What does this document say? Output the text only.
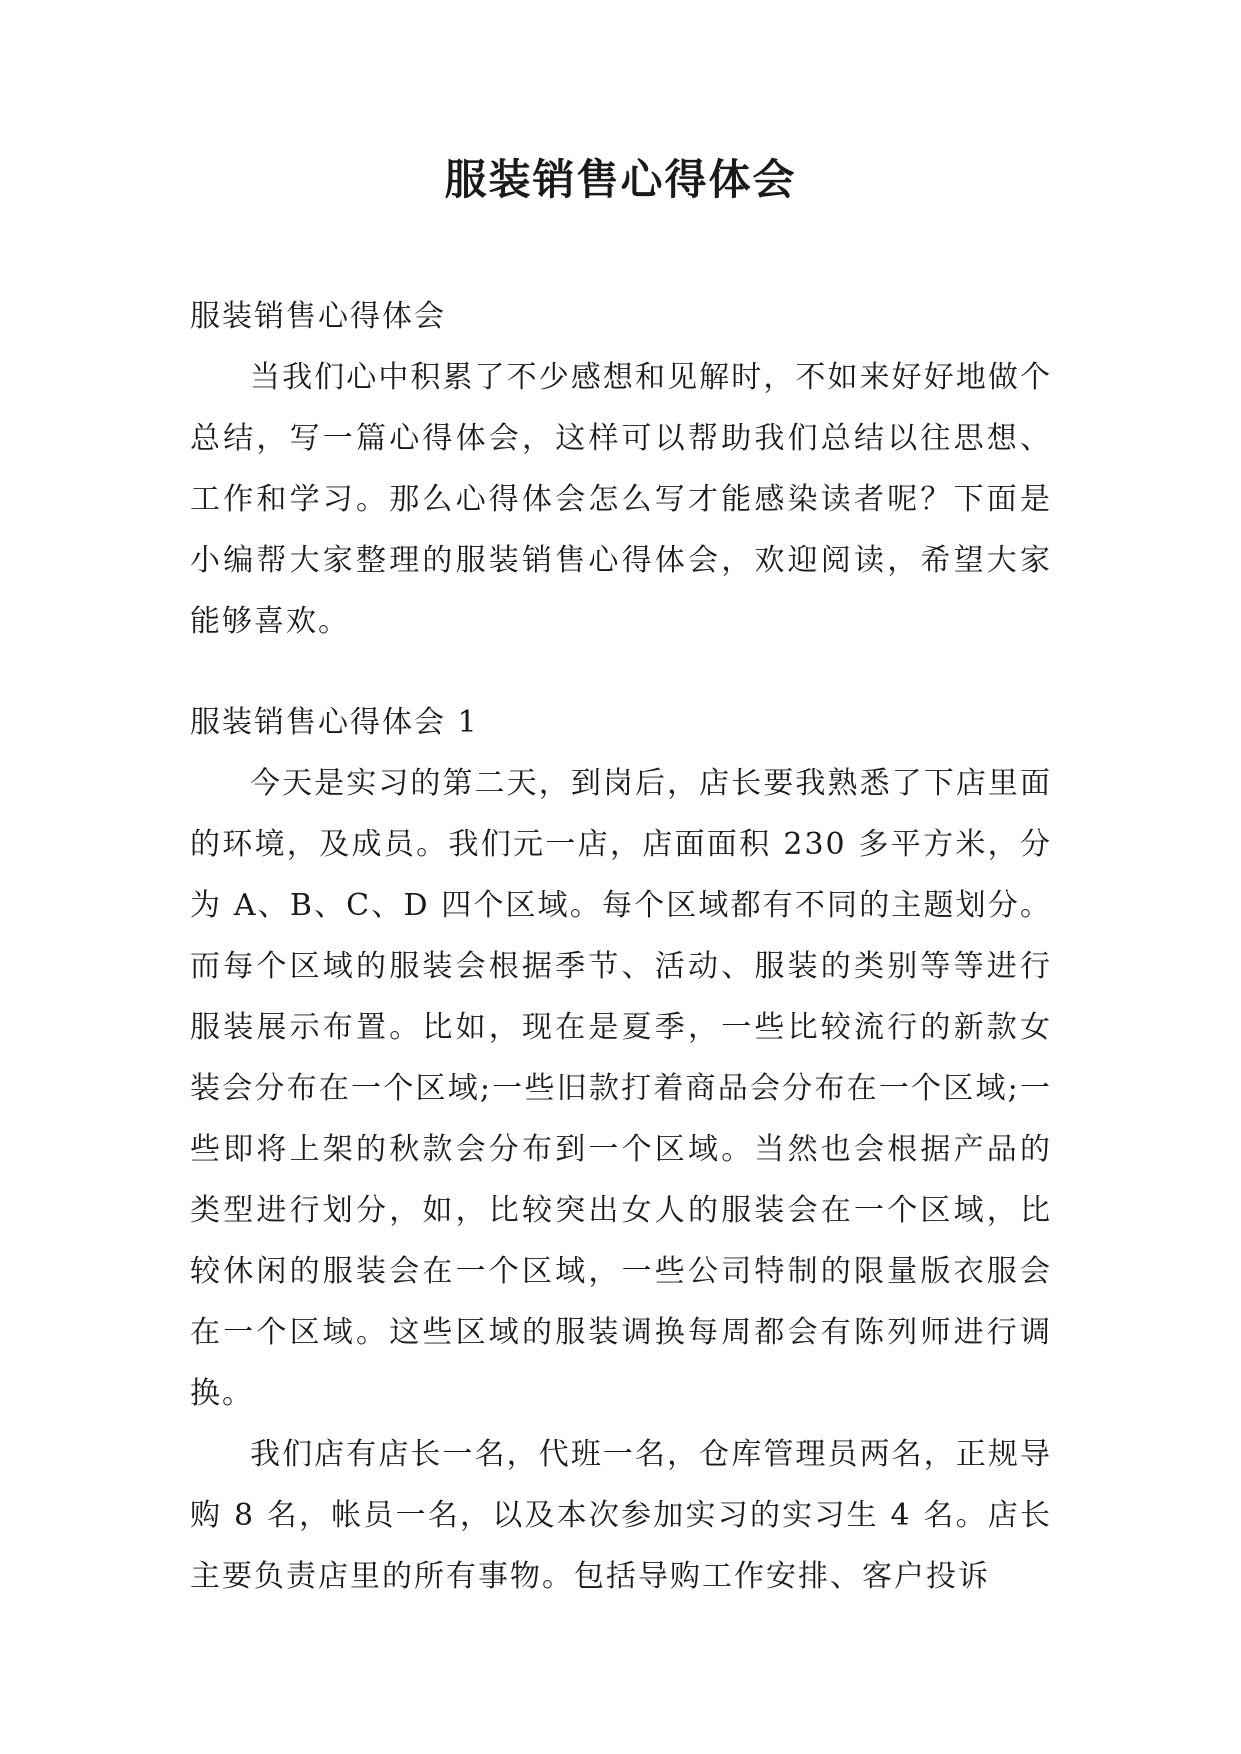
服装销售心得体会
服装销售心得体会

当我们心中积累了不少感想和见解时，不如来好好地做个总结，写一篇心得体会，这样可以帮助我们总结以往思想、工作和学习。那么心得体会怎么写才能感染读者呢？下面是小编帮大家整理的服装销售心得体会，欢迎阅读，希望大家能够喜欢。

服装销售心得体会 1

今天是实习的第二天，到岗后，店长要我熟悉了下店里面的环境，及成员。我们元一店，店面面积 230 多平方米，分为 A、B、C、D 四个区域。每个区域都有不同的主题划分。而每个区域的服装会根据季节、活动、服装的类别等等进行服装展示布置。比如，现在是夏季，一些比较流行的新款女装会分布在一个区域;一些旧款打着商品会分布在一个区域;一些即将上架的秋款会分布到一个区域。当然也会根据产品的类型进行划分，如，比较突出女人的服装会在一个区域，比较休闲的服装会在一个区域，一些公司特制的限量版衣服会在一个区域。这些区域的服装调换每周都会有陈列师进行调换。

我们店有店长一名，代班一名，仓库管理员两名，正规导购 8 名，帐员一名，以及本次参加实习的实习生 4 名。店长主要负责店里的所有事物。包括导购工作安排、客户投诉
